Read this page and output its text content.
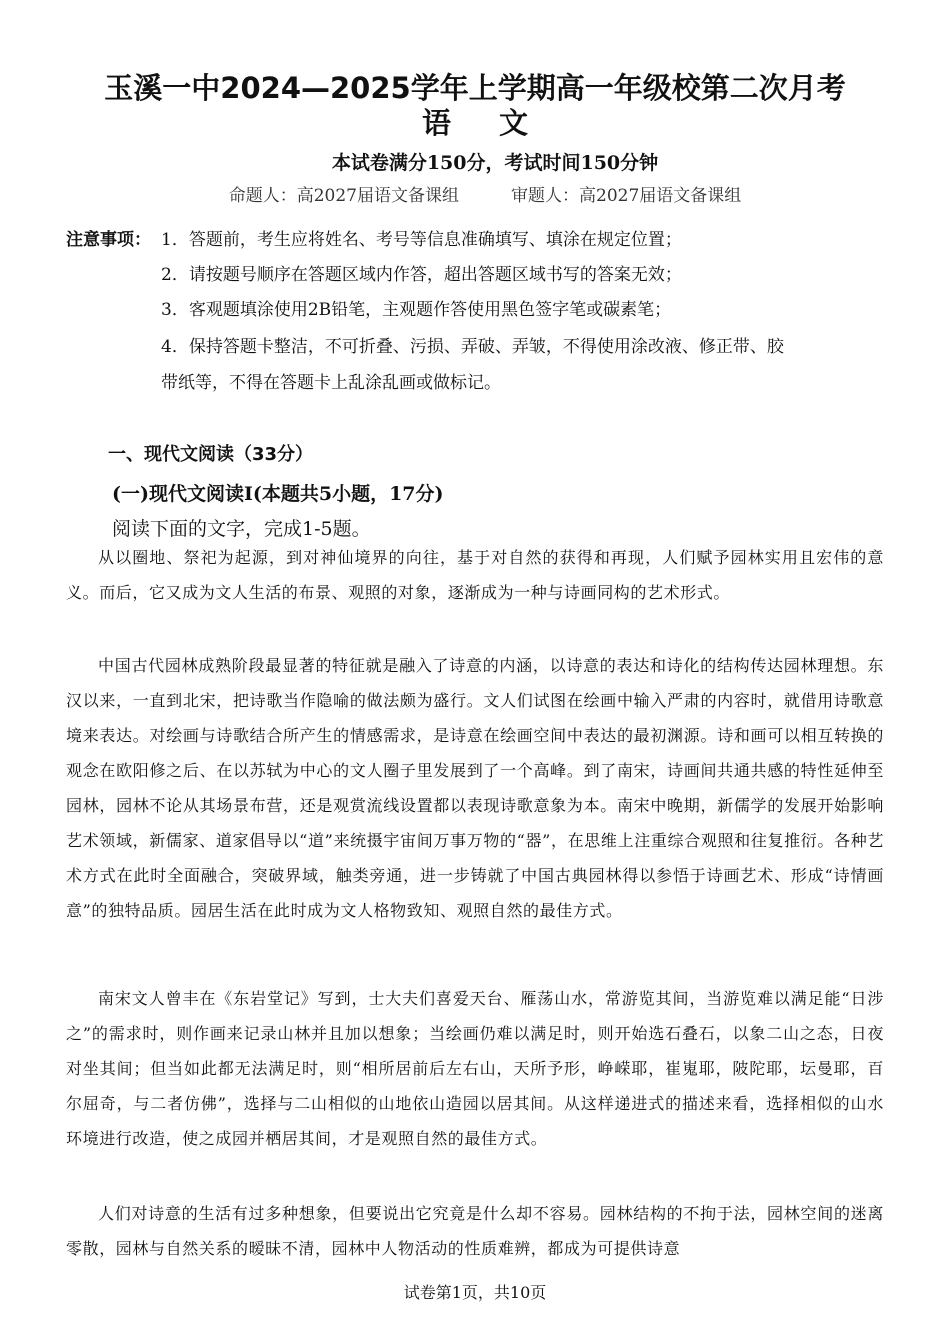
玉溪一中2024—2025学年上学期高一年级校第二次月考
语文
本试卷满分150分，考试时间150分钟
命题人：高2027届语文备课组	审题人：高2027届语文备课组
注意事项： 1．答题前，考生应将姓名、考号等信息准确填写、填涂在规定位置；
2．请按题号顺序在答题区域内作答，超出答题区域书写的答案无效；
3．客观题填涂使用2B铅笔，主观题作答使用黑色签字笔或碳素笔；
4．保持答题卡整洁，不可折叠、污损、弄破、弄皱，不得使用涂改液、修正带、胶
带纸等，不得在答题卡上乱涂乱画或做标记。
一、现代文阅读（33分）
(一)现代文阅读Ⅰ(本题共5小题，17分)
阅读下面的文字，完成1-5题。

从以圈地、祭祀为起源，到对神仙境界的向往，基于对自然的获得和再现，人们赋予园林实用且宏伟的意义。而后，它又成为文人生活的布景、观照的对象，逐渐成为一种与诗画同构的艺术形式。

中国古代园林成熟阶段最显著的特征就是融入了诗意的内涵，以诗意的表达和诗化的结构传达园林理想。东汉以来，一直到北宋，把诗歌当作隐喻的做法颇为盛行。文人们试图在绘画中输入严肃的内容时，就借用诗歌意境来表达。对绘画与诗歌结合所产生的情感需求，是诗意在绘画空间中表达的最初渊源。诗和画可以相互转换的观念在欧阳修之后、在以苏轼为中心的文人圈子里发展到了一个高峰。到了南宋，诗画间共通共感的特性延伸至园林，园林不论从其场景布营，还是观赏流线设置都以表现诗歌意象为本。南宋中晚期，新儒学的发展开始影响艺术领域，新儒家、道家倡导以“道”来统摄宇宙间万事万物的“器”，在思维上注重综合观照和往复推衍。各种艺术方式在此时全面融合，突破界域，触类旁通，进一步铸就了中国古典园林得以参悟于诗画艺术、形成“诗情画意”的独特品质。园居生活在此时成为文人格物致知、观照自然的最佳方式。

南宋文人曾丰在《东岩堂记》写到，士大夫们喜爱天台、雁荡山水，常游览其间，当游览难以满足能“日涉之”的需求时，则作画来记录山林并且加以想象；当绘画仍难以满足时，则开始选石叠石，以象二山之态，日夜对坐其间；但当如此都无法满足时，则“相所居前后左右山，天所予形，峥嵘耶，崔嵬耶，陂陀耶，坛曼耶，百尔屈奇，与二者仿佛”，选择与二山相似的山地依山造园以居其间。从这样递进式的描述来看，选择相似的山水环境进行改造，使之成园并栖居其间，才是观照自然的最佳方式。

人们对诗意的生活有过多种想象，但要说出它究竟是什么却不容易。园林结构的不拘于法，园林空间的迷离零散，园林与自然关系的暧昧不清，园林中人物活动的性质难辨，都成为可提供诗意

试卷第1页，共10页
